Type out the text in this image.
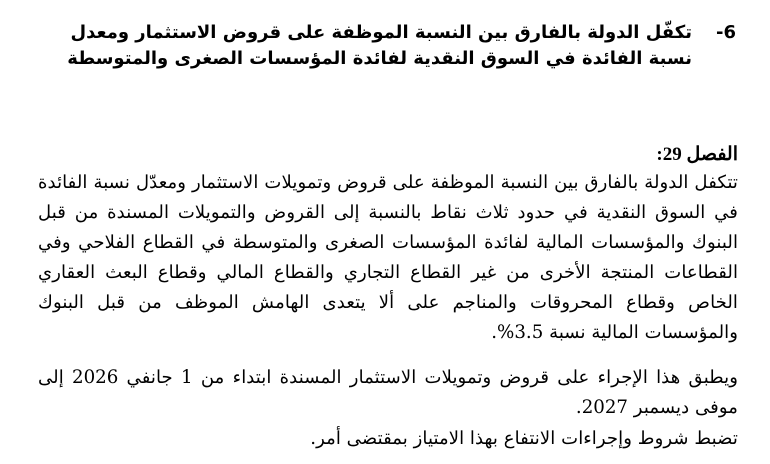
6-
تكفّل الدولة بالفارق بين النسبة الموظفة على قروض الاستثمار ومعدل نسبة الفائدة في السوق النقدية لفائدة المؤسسات الصغرى والمتوسطة
الفصل 29:
تتكفل الدولة بالفارق بين النسبة الموظفة على قروض وتمويلات الاستثمار ومعدّل نسبة الفائدة في السوق النقدية في حدود ثلاث نقاط بالنسبة إلى القروض والتمويلات المسندة من قبل البنوك والمؤسسات المالية لفائدة المؤسسات الصغرى والمتوسطة في القطاع الفلاحي وفي القطاعات المنتجة الأخرى من غير القطاع التجاري والقطاع المالي وقطاع البعث العقاري الخاص وقطاع المحروقات والمناجم على ألا يتعدى الهامش الموظف من قبل البنوك والمؤسسات المالية نسبة 3.5%.
ويطبق هذا الإجراء على قروض وتمويلات الاستثمار المسندة ابتداء من 1 جانفي 2026 إلى موفى ديسمبر 2027.
تضبط شروط وإجراءات الانتفاع بهذا الامتياز بمقتضى أمر.
